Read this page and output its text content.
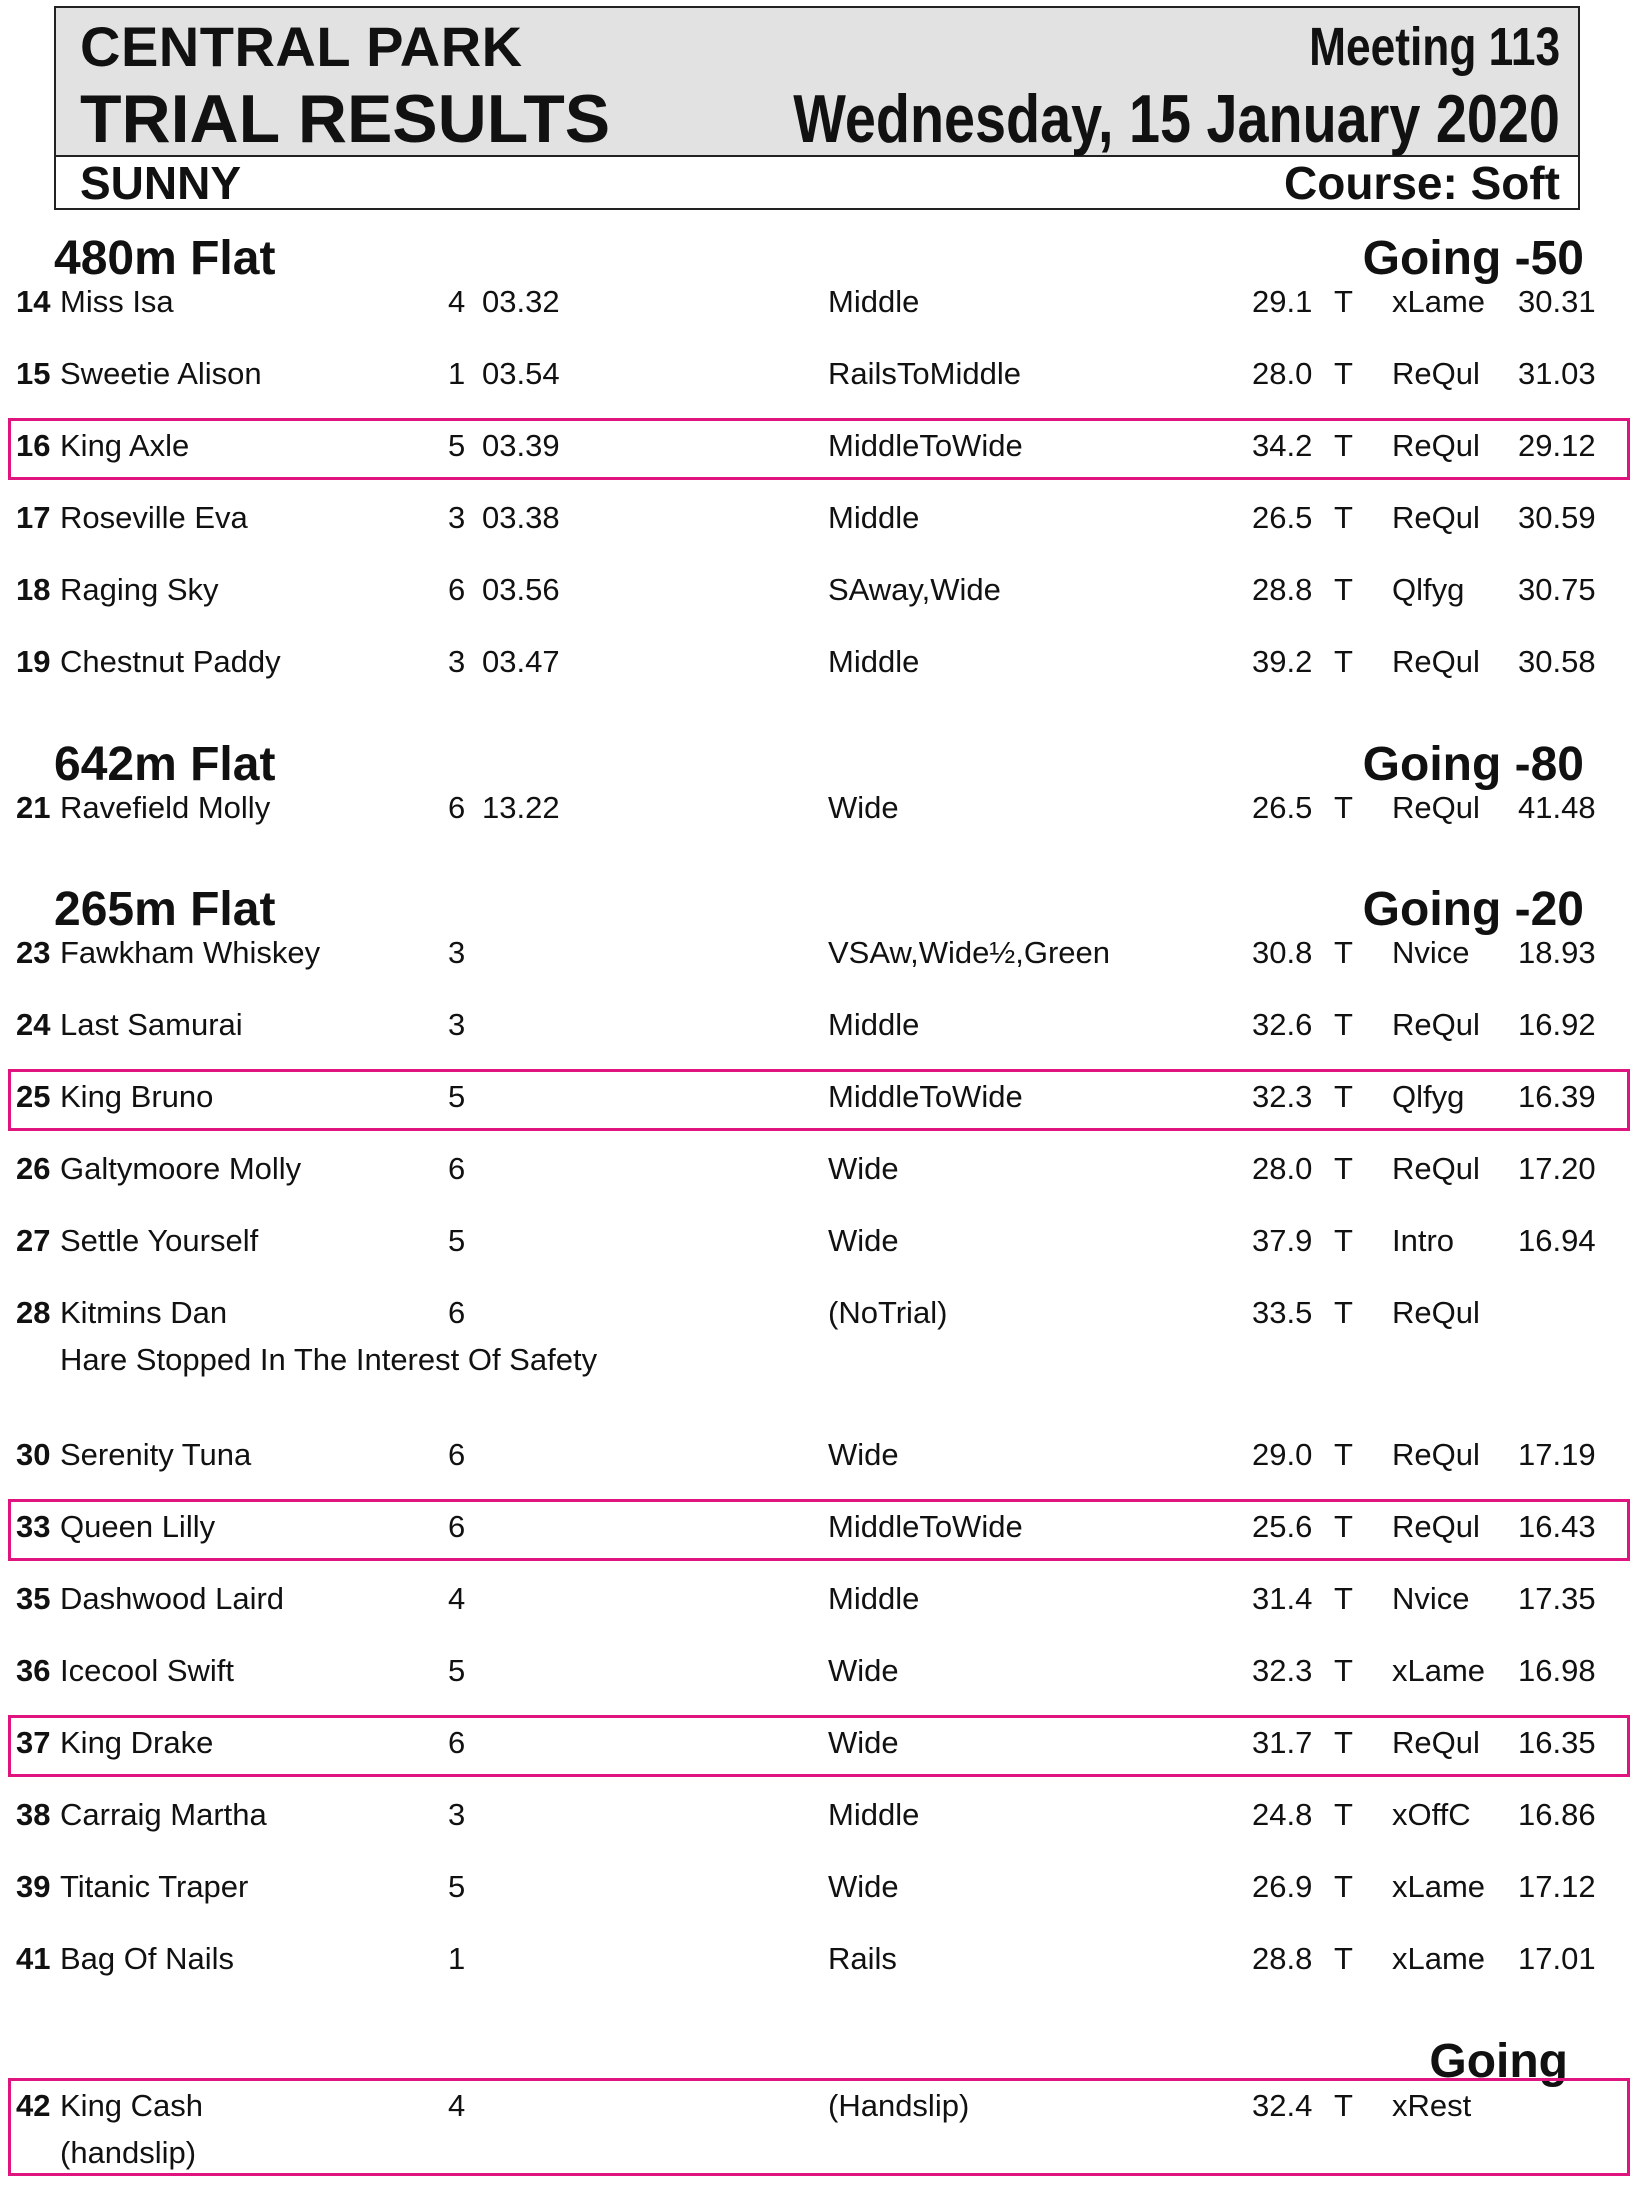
CENTRAL PARK
TRIAL RESULTS
Meeting 113
Wednesday, 15 January 2020
SUNNY	Course: Soft
480m Flat	Going -50
14 Miss Isa	4 03.32	Middle	29.1 T xLame 30.31
15 Sweetie Alison	1 03.54	RailsToMiddle	28.0 T ReQul 31.03
16 King Axle	5 03.39	MiddleToWide	34.2 T ReQul 29.12
17 Roseville Eva	3 03.38	Middle	26.5 T ReQul 30.59
18 Raging Sky	6 03.56	SAway,Wide	28.8 T Qlfyg 30.75
19 Chestnut Paddy	3 03.47	Middle	39.2 T ReQul 30.58
642m Flat	Going -80
21 Ravefield Molly	6 13.22	Wide	26.5 T ReQul 41.48
265m Flat	Going -20
23 Fawkham Whiskey	3	VSAw,Wide½,Green	30.8 T Nvice 18.93
24 Last Samurai	3	Middle	32.6 T ReQul 16.92
25 King Bruno	5	MiddleToWide	32.3 T Qlfyg 16.39
26 Galtymoore Molly	6	Wide	28.0 T ReQul 17.20
27 Settle Yourself	5	Wide	37.9 T Intro 16.94
28 Kitmins Dan	6	(NoTrial)	33.5 T ReQul
Hare Stopped In The Interest Of Safety
30 Serenity Tuna	6	Wide	29.0 T ReQul 17.19
33 Queen Lilly	6	MiddleToWide	25.6 T ReQul 16.43
35 Dashwood Laird	4	Middle	31.4 T Nvice 17.35
36 Icecool Swift	5	Wide	32.3 T xLame 16.98
37 King Drake	6	Wide	31.7 T ReQul 16.35
38 Carraig Martha	3	Middle	24.8 T xOffC 16.86
39 Titanic Traper	5	Wide	26.9 T xLame 17.12
41 Bag Of Nails	1	Rails	28.8 T xLame 17.01
Going
42 King Cash	4	(Handslip)	32.4 T xRest
(handslip)
